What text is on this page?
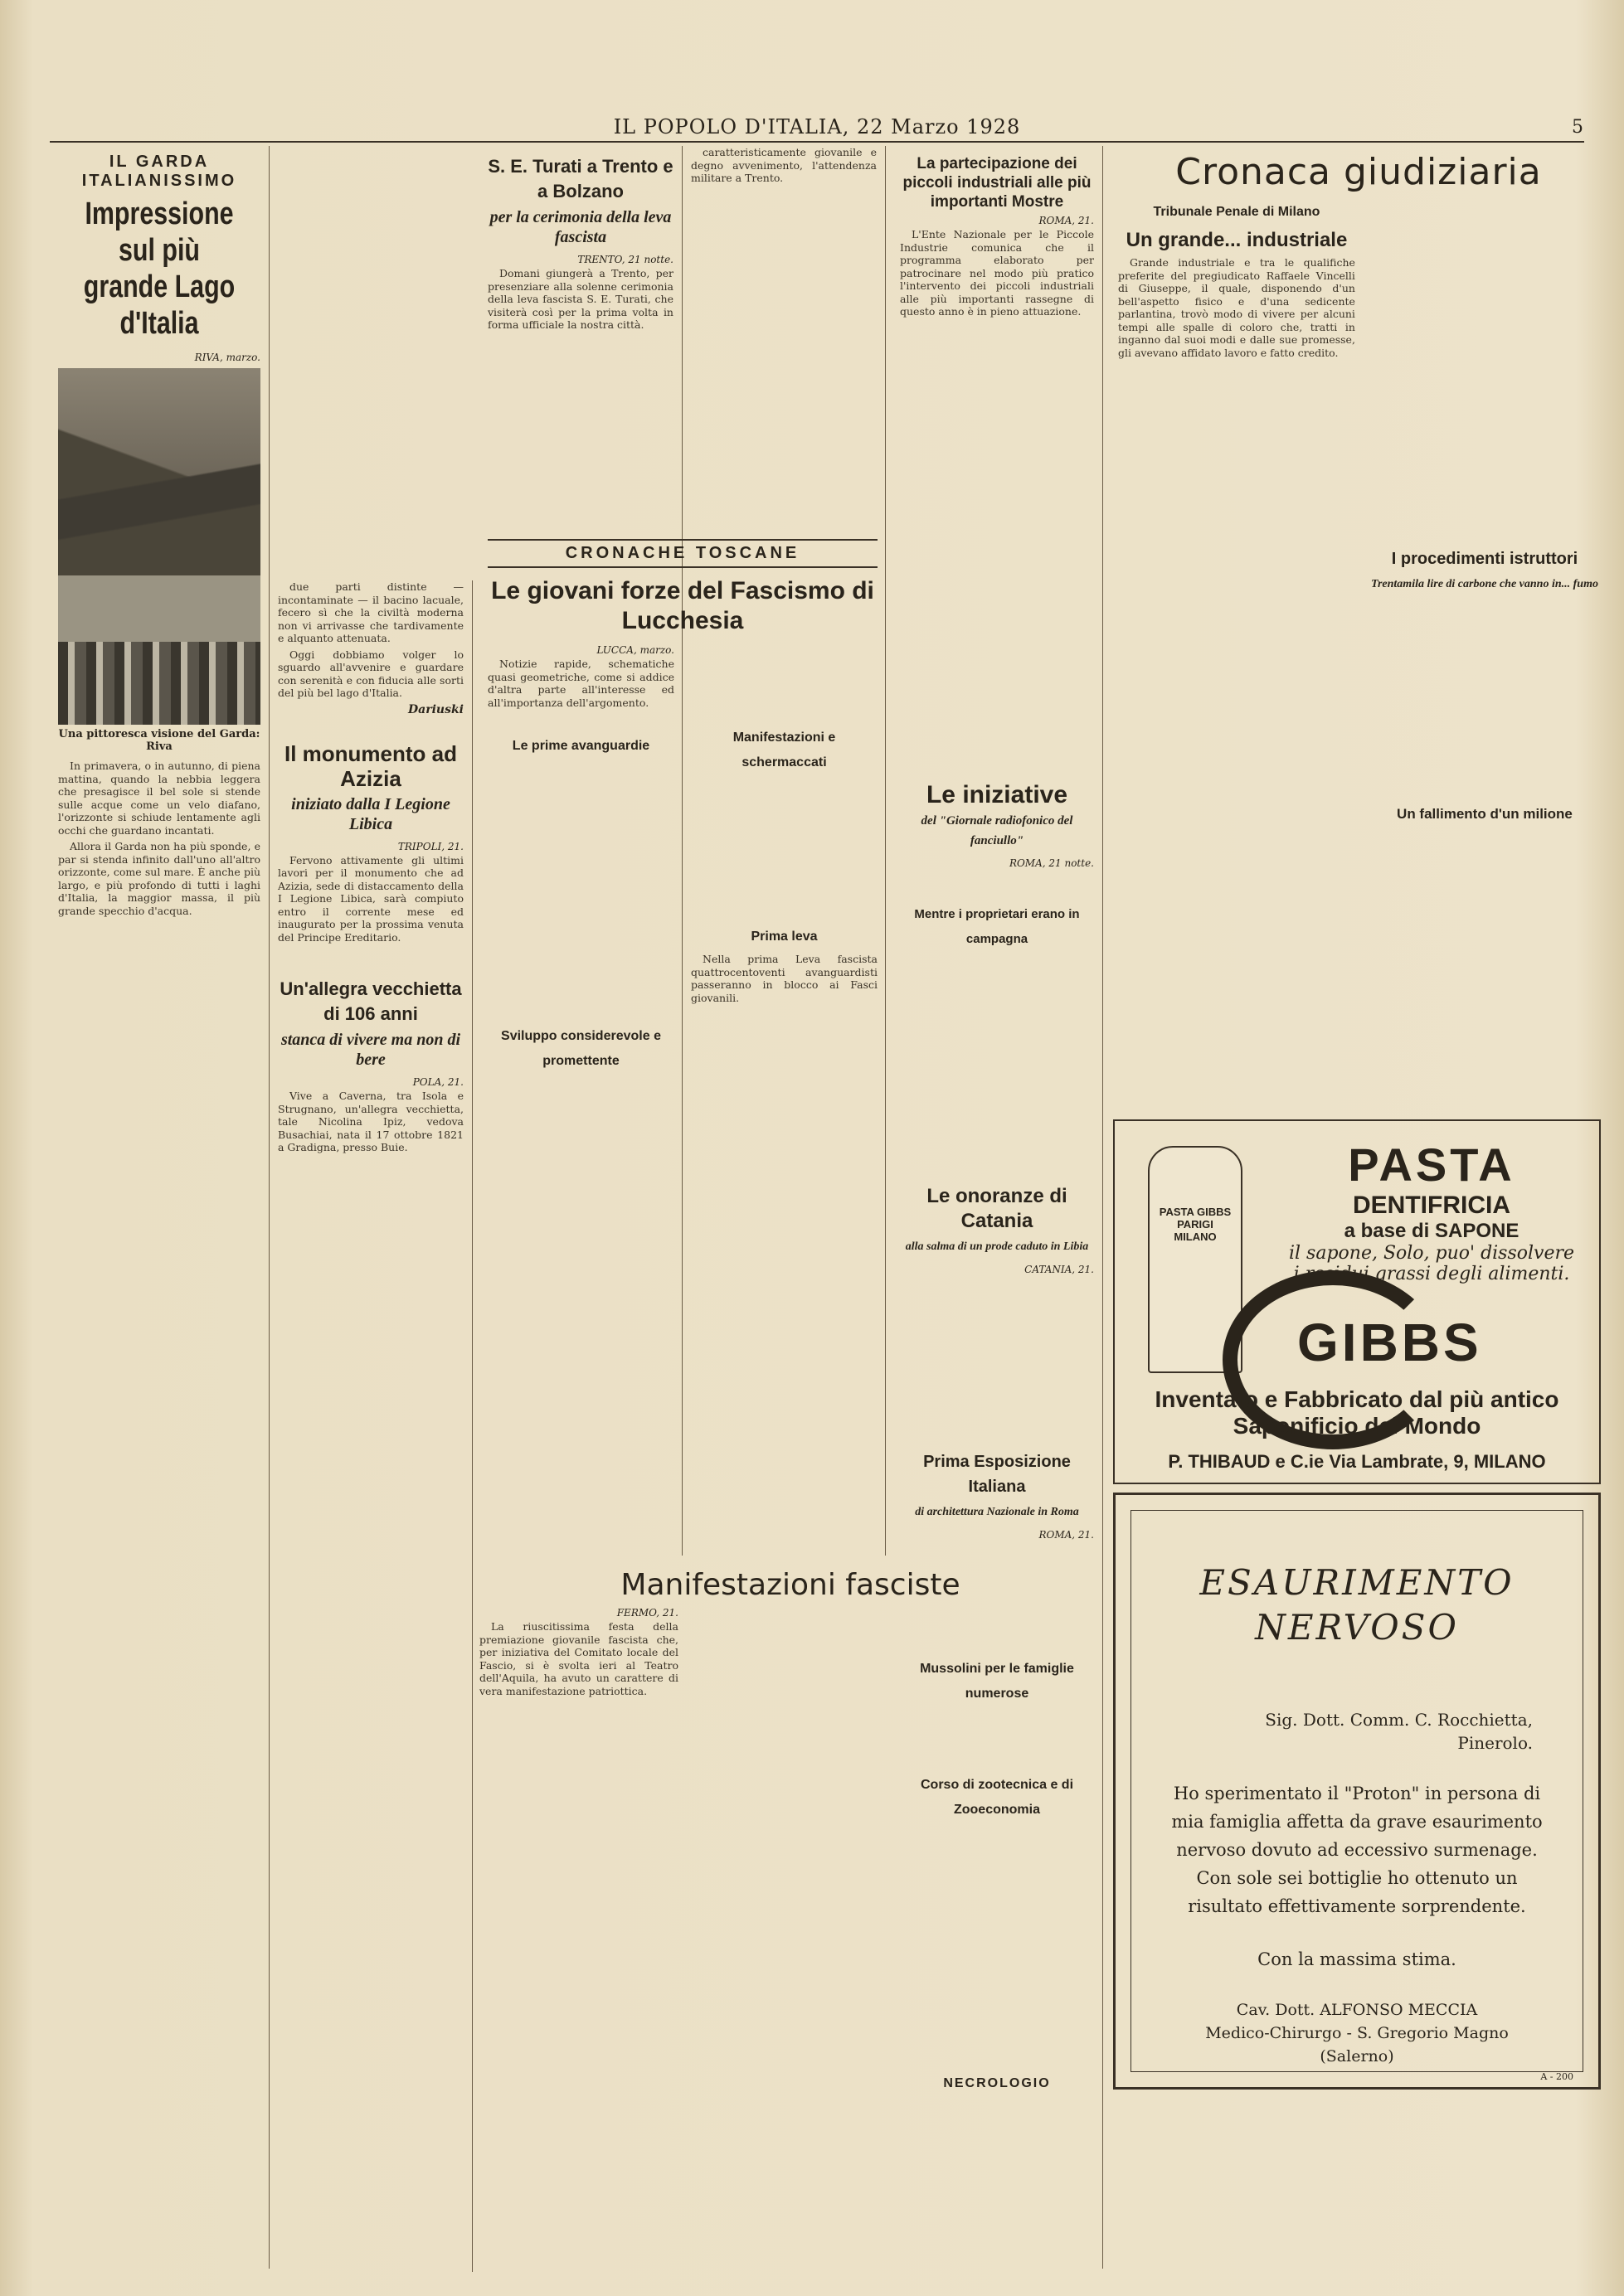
IL POPOLO D'ITALIA, 22 Marzo 1928	5
IL GARDA ITALIANISSIMO
Impressione sul più grande Lago d'Italia
RIVA, marzo.
Una pittoresca visione del Garda: Riva

In primavera, o in autunno, di piena mattina, quando la nebbia leggera che presagisce il bel sole si stende sulle acque come un velo diafano, l'orizzonte si schiude lentamente agli occhi che guardano incantati.

Allora il Garda non ha più sponde, e par si stenda infinito dall'uno all'altro orizzonte, come sul mare. È anche più largo, e più profondo di tutti i laghi d'Italia, la maggior massa, il più grande specchio d'acqua.

due parti distinte — incontaminate — il bacino lacuale, fecero sì che la civiltà moderna non vi arrivasse che tardivamente e alquanto attenuata.

Oggi dobbiamo volger lo sguardo all'avvenire e guardare con serenità e con fiducia alle sorti del più bel lago d'Italia.

Dariuski
Il monumento ad Azizia
iniziato dalla I Legione Libica
TRIPOLI, 21.

Fervono attivamente gli ultimi lavori per il monumento che ad Azizia, sede di distaccamento della I Legione Libica, sarà compiuto entro il corrente mese ed inaugurato per la prossima venuta del Principe Ereditario.

Un'allegra vecchietta di 106 anni
stanca di vivere ma non di bere
POLA, 21.

Vive a Caverna, tra Isola e Strugnano, un'allegra vecchietta, tale Nicolina Ipiz, vedova Busachiai, nata il 17 ottobre 1821 a Gradigna, presso Buie.

S. E. Turati a Trento e a Bolzano
per la cerimonia della leva fascista
TRENTO, 21 notte.

Domani giungerà a Trento, per presenziare alla solenne cerimonia della leva fascista S. E. Turati, che visiterà così per la prima volta in forma ufficiale la nostra città.

caratteristicamente giovanile e degno avvenimento, l'attendenza militare a Trento.

CRONACHE TOSCANE
Le giovani forze del Fascismo di Lucchesia
LUCCA, marzo.

Notizie rapide, schematiche quasi geometriche, come si addice d'altra parte all'interesse ed all'importanza dell'argomento.

Le prime avanguardie
Sviluppo considerevole e promettente
Manifestazioni e schermaccati
Prima leva

Nella prima Leva fascista quattrocentoventi avanguardisti passeranno in blocco ai Fasci giovanili.

Manifestazioni fasciste
FERMO, 21.

La riuscitissima festa della premiazione giovanile fascista che, per iniziativa del Comitato locale del Fascio, si è svolta ieri al Teatro dell'Aquila, ha avuto un carattere di vera manifestazione patriottica.

La partecipazione dei piccoli industriali alle più importanti Mostre
ROMA, 21.

L'Ente Nazionale per le Piccole Industrie comunica che il programma elaborato per patrocinare nel modo più pratico l'intervento dei piccoli industriali alle più importanti rassegne di questo anno è in pieno attuazione.

Le iniziative
del "Giornale radiofonico del fanciullo"
ROMA, 21 notte.
Mentre i proprietari erano in campagna
Le onoranze di Catania
alla salma di un prode caduto in Libia
CATANIA, 21.
Prima Esposizione Italiana
di architettura Nazionale in Roma
ROMA, 21.
Mussolini per le famiglie numerose
Corso di zootecnica e di Zooeconomia
NECROLOGIO
Cronaca giudiziaria
Tribunale Penale di Milano
Un grande... industriale

Grande industriale e tra le qualifiche preferite del pregiudicato Raffaele Vincelli di Giuseppe, il quale, disponendo d'un bell'aspetto fisico e d'una sedicente parlantina, trovò modo di vivere per alcuni tempi alle spalle di coloro che, tratti in inganno dal suoi modi e dalle sue promesse, gli avevano affidato lavoro e fatto credito.

I procedimenti istruttori
Trentamila lire di carbone che vanno in... fumo
Un fallimento d'un milione
PASTA GIBBS PARIGI MILANO
PASTA
DENTIFRICIA
a base di SAPONE
il sapone, Solo, puo' dissolvere
i residui grassi degli alimenti.
GIBBS
Inventato e Fabbricato dal più antico Saponificio del Mondo
P. THIBAUD e C.ie Via Lambrate, 9, MILANO
ESAURIMENTO
NERVOSO
Sig. Dott. Comm. C. Rocchietta,
Pinerolo.
Ho sperimentato il "Proton" in persona di mia famiglia affetta da grave esaurimento nervoso dovuto ad eccessivo surmenage. Con sole sei bottiglie ho ottenuto un risultato effettivamente sorprendente.
Con la massima stima.
Cav. Dott. ALFONSO MECCIA
Medico-Chirurgo - S. Gregorio Magno
(Salerno)
A - 200
